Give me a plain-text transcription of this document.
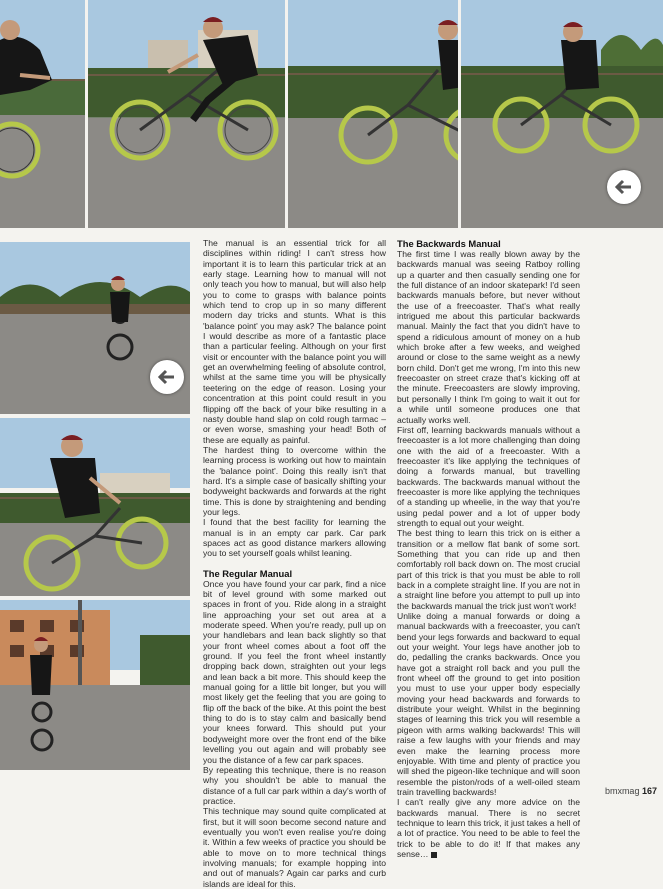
The manual is an essential trick for all disciplines within riding! I can't stress how important it is to learn this particular trick at an early stage. Learning how to manual will not only teach you how to manual, but will also help you to come to grasps with balance points which tend to crop up in so many different modern day tricks and stunts. What is this 'balance point' you may ask? The balance point I would describe as more of a fantastic place than a particular feeling. Although on your first visit or encounter with the balance point you will get an overwhelming feeling of absolute control, whilst at the same time you will be physically teetering on the edge of reason. Losing your concentration at this point could result in you flipping off the back of your bike resulting in a nasty double hand slap on cold rough tarmac – or even worse, smashing your head! Both of these are equally as painful.

The hardest thing to overcome within the learning process is working out how to maintain the 'balance point'. Doing this really isn't that hard. It's a simple case of basically shifting your bodyweight backwards and forwards at the right time. This is done by straightening and bending your legs.

I found that the best facility for learning the manual is in an empty car park. Car park spaces act as good distance markers allowing you to set yourself goals whilst leaning.

The Regular Manual

Once you have found your car park, find a nice bit of level ground with some marked out spaces in front of you. Ride along in a straight line approaching your set out area at a moderate speed. When you're ready, pull up on your handlebars and lean back slightly so that your front wheel comes about a foot off the ground. If you feel the front wheel instantly dropping back down, straighten out your legs and lean back a bit more. This should keep the manual going for a little bit longer, but you will most likely get the feeling that you are going to flip off the back of the bike. At this point the best thing to do is to stay calm and basically bend your knees forward. This should put your bodyweight more over the front end of the bike levelling you out again and will probably see you the distance of a few car park spaces.

By repeating this technique, there is no reason why you shouldn't be able to manual the distance of a full car park within a day's worth of practice.

This technique may sound quite complicated at first, but it will soon become second nature and eventually you won't even realise you're doing it. Within a few weeks of practice you should be able to move on to more technical things involving manuals; for example hopping into and out of manuals? Again car parks and curb islands are ideal for this.

The Backwards Manual

The first time I was really blown away by the backwards manual was seeing Ratboy rolling up a quarter and then casually sending one for the full distance of an indoor skatepark! I'd seen backwards manuals before, but never without the use of a freecoaster. That's what really intrigued me about this particular backwards manual. Mainly the fact that you didn't have to spend a ridiculous amount of money on a hub which broke after a few weeks, and weighed around or close to the same weight as a newly born child. Don't get me wrong, I'm into this new freecoaster on street craze that's kicking off at the minute. Freecoasters are slowly improving, but personally I think I'm going to wait it out for a while until someone produces one that actually works well.

First off, learning backwards manuals without a freecoaster is a lot more challenging than doing one with the aid of a freecoaster. With a freecoaster it's like applying the techniques of doing a forwards manual, but travelling backwards. The backwards manual without the freecoaster is more like applying the techniques of a standing up wheelie, in the way that you're using pedal power and a lot of upper body strength to equal out your weight.

The best thing to learn this trick on is either a transition or a mellow flat bank of some sort. Something that you can ride up and then comfortably roll back down on. The most crucial part of this trick is that you must be able to roll back in a complete straight line. If you are not in a straight line before you attempt to pull up into the backwards manual the trick just won't work!

Unlike doing a manual forwards or doing a manual backwards with a freecoaster, you can't bend your legs forwards and backward to equal out your weight. Your legs have another job to do, pedalling the cranks backwards. Once you have got a straight roll back and you pull the front wheel off the ground to get into position you must to use your upper body especially moving your head backwards and forwards to distribute your weight. Whilst in the beginning stages of learning this trick you will resemble a pigeon with arms walking backwards! This will raise a few laughs with your friends and may even make the learning process more enjoyable. With time and plenty of practice you will shed the pigeon-like technique and will soon resemble the piston/rods of a well-oiled steam train travelling backwards!

I can't really give any more advice on the backwards manual. There is no secret technique to learn this trick, it just takes a hell of a lot of practice. You need to be able to feel the trick to be able to do it! If that makes any sense…

bmxmag 167
